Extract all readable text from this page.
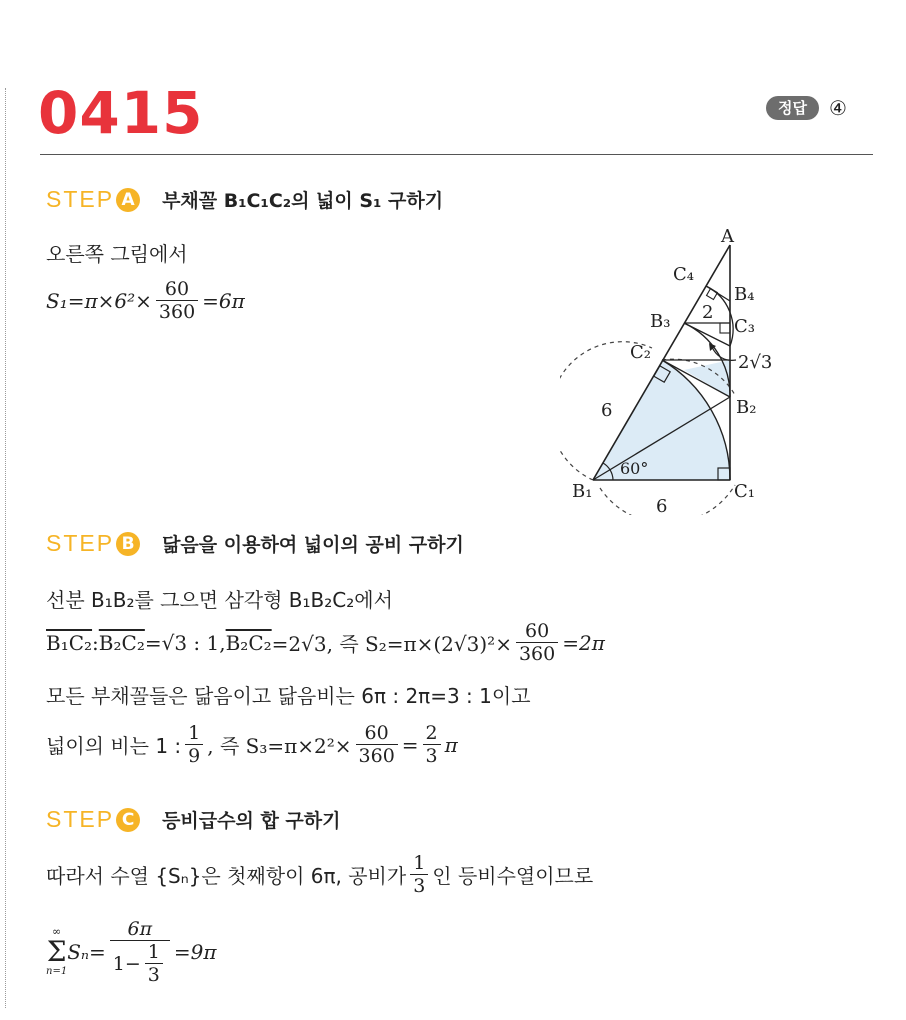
0415	정답	④
STEP A 부채꼴 B₁C₁C₂의 넓이 S₁ 구하기
오른쪽 그림에서
$S_1=\pi\times 6^2\times \frac{60}{360} =6\pi$
A
B₁	C₁
B₂
C₂
B₃	C₃
C₄
B₄
6
6
60°
2
2√3
STEP B 닮음을 이용하여 넓이의 공비 구하기
선분 B₁B₂를 그으면 삼각형 B₁B₂C₂에서
B₁C₂ : B₂C₂ =√3 : 1, B₂C₂ =2√3, 즉 $S_2=\pi\times(2√3)^2\times \frac{60}{360} =2\pi$
모든 부채꼴들은 닮음이고 닮음비는 6π : 2π=3 : 1이고
넓이의 비는 1 : $\frac{1}{9}$ , 즉 $S_3=\pi\times 2^2\times \frac{60}{360} = \frac{2}{3}$ π
STEP C	등비급수의 합 구하기
따라서 수열 {Sₙ}은 첫째항이 6π, 공비가 $\frac{1}{3}$ 인 등비수열이므로
∞
Σ
n=1
$S_n= \frac{6\pi}{1- \frac{1}{3}} =9\pi$
